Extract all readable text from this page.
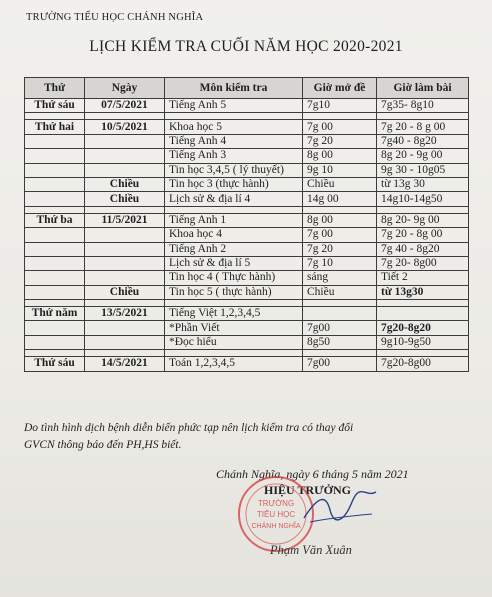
TRƯỜNG TIỂU HỌC CHÁNH NGHĨA
LỊCH KIỂM TRA CUỐI NĂM HỌC 2020-2021
Thứ	Ngày	Môn kiểm tra	Giờ mở đề	Giờ làm bài
Thứ sáu	07/5/2021	Tiếng Anh 5	7g10	7g35- 8g10

Thứ hai	10/5/2021	Khoa học 5	7g 00	7g 20 - 8 g 00
		Tiếng Anh 4	7g 20	7g40 - 8g20
		Tiếng Anh 3	8g 00	8g 20 - 9g 00
		Tin học 3,4,5 ( lý thuyết)	9g 10	9g 30 - 10g05
	Chiều	Tin học 3 (thực hành)	Chiều	từ 13g 30
	Chiều	Lịch sử & địa lí 4	14g 00	14g10-14g50

Thứ ba	11/5/2021	Tiếng Anh 1	8g 00	8g 20- 9g 00
		Khoa học 4	7g 00	7g 20 - 8g 00
		Tiếng Anh 2	7g 20	7g 40 - 8g20
		Lịch sử & địa lí 5	7g 10	7g 20- 8g00
		Tin học 4 ( Thực hành)	sáng	Tiết 2
	Chiều	Tin học 5 ( thực hành)	Chiều	từ 13g30

Thứ năm	13/5/2021	Tiếng Việt 1,2,3,4,5		
		*Phần Viết	7g00	7g20-8g20
		*Đọc hiểu	8g50	9g10-9g50

Thứ sáu	14/5/2021	Toán 1,2,3,4,5	7g00	7g20-8g00
Do tình hình dịch bệnh diễn biến phức tạp nên lịch kiểm tra có thay đổi
GVCN thông báo đến PH,HS biết.
Chánh Nghĩa, ngày 6 tháng 5 năm 2021
HIỆU TRƯỞNG
TRƯỜNG
TIỂU HỌC
CHÁNH NGHĨA
Phạm Văn Xuân
